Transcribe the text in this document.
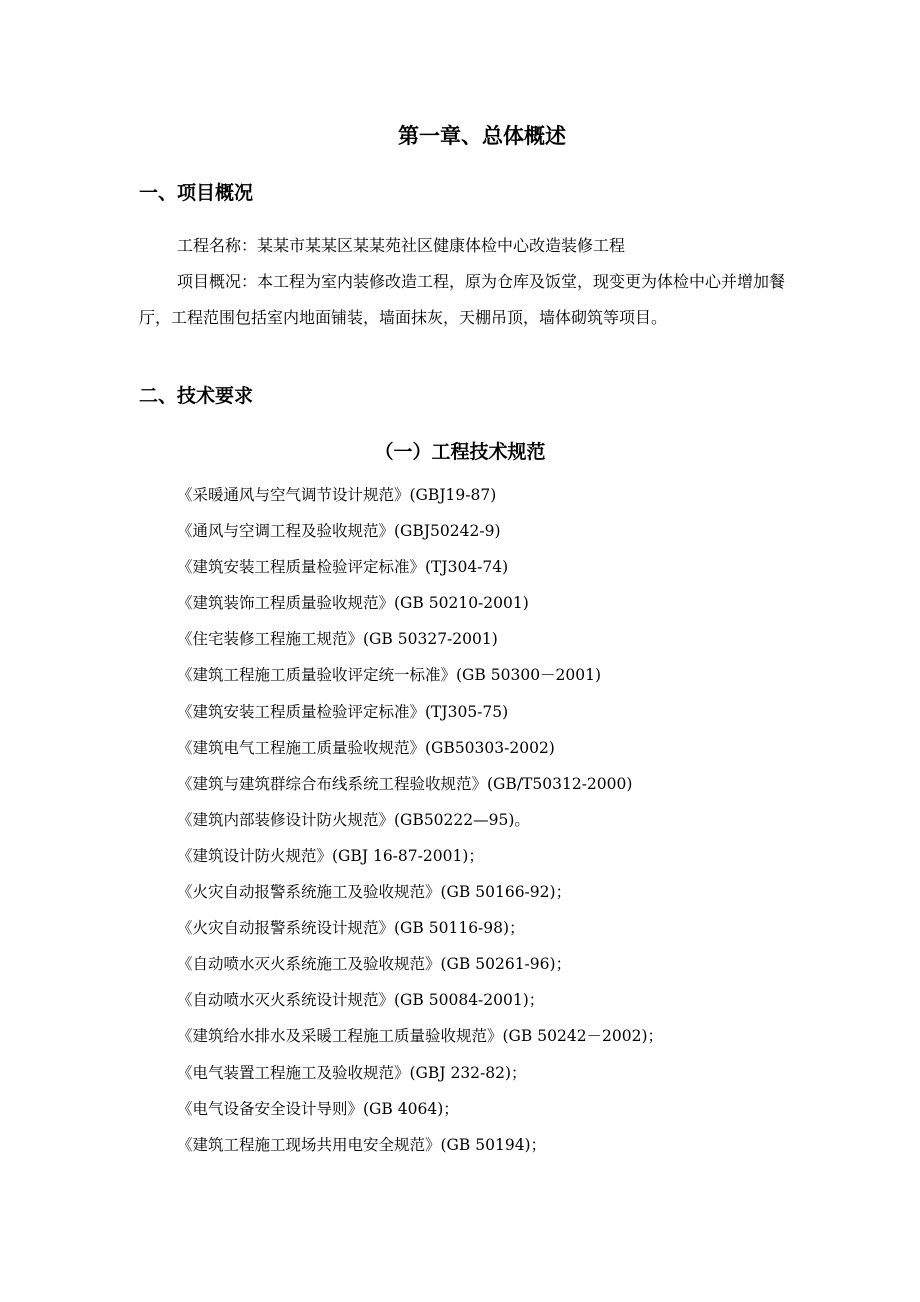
第一章、总体概述
一、项目概况

工程名称：某某市某某区某某苑社区健康体检中心改造装修工程

项目概况：本工程为室内装修改造工程，原为仓库及饭堂，现变更为体检中心并增加餐厅，工程范围包括室内地面铺装，墙面抹灰，天棚吊顶，墙体砌筑等项目。

二、技术要求
（一）工程技术规范
《采暖通风与空气调节设计规范》(GBJ19-87)
《通风与空调工程及验收规范》(GBJ50242-9)
《建筑安装工程质量检验评定标准》(TJ304-74)
《建筑装饰工程质量验收规范》(GB 50210-2001)
《住宅装修工程施工规范》(GB 50327-2001)
《建筑工程施工质量验收评定统一标准》(GB 50300－2001)
《建筑安装工程质量检验评定标准》(TJ305-75)
《建筑电气工程施工质量验收规范》(GB50303-2002)
《建筑与建筑群综合布线系统工程验收规范》(GB/T50312-2000)
《建筑内部装修设计防火规范》(GB50222—95)。
《建筑设计防火规范》(GBJ 16-87-2001)；
《火灾自动报警系统施工及验收规范》(GB 50166-92)；
《火灾自动报警系统设计规范》(GB 50116-98)；
《自动喷水灭火系统施工及验收规范》(GB 50261-96)；
《自动喷水灭火系统设计规范》(GB 50084-2001)；
《建筑给水排水及采暖工程施工质量验收规范》(GB 50242－2002)；
《电气装置工程施工及验收规范》(GBJ 232-82)；
《电气设备安全设计导则》(GB 4064)；
《建筑工程施工现场共用电安全规范》(GB 50194)；
